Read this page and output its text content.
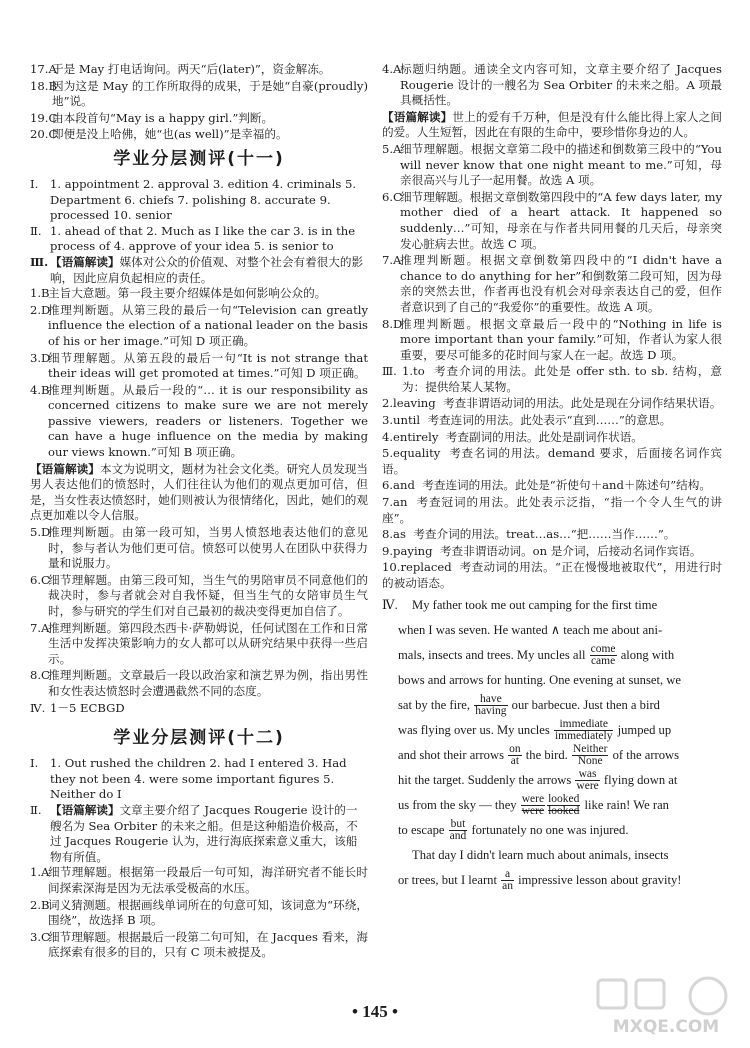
17.A
于是 May 打电话询问。两天“后(later)”，资金解冻。
18.B
因为这是 May 的工作所取得的成果，于是她“自豪(proudly)地”说。
19.C
由本段首句“May is a happy girl.”判断。
20.C
即便是没上哈佛，她“也(as well)”是幸福的。
学业分层测评(十一)
Ⅰ.	1. appointment 2. approval 3. edition 4. criminals 5. Department 6. chiefs 7. polishing 8. accurate 9. processed 10. senior
Ⅱ. 1. ahead of that 2. Much as I like the car 3. is in the process of 4. approve of your idea 5. is senior to
Ⅲ. 【语篇解读】媒体对公众的价值观、对整个社会有着很大的影响，因此应肩负起相应的责任。
1.B
主旨大意题。第一段主要介绍媒体是如何影响公众的。
2.D
推理判断题。从第三段的最后一句“Television can greatly influence the election of a national leader on the basis of his or her image.”可知 D 项正确。
3.D
细节理解题。从第五段的最后一句“It is not strange that their ideas will get promoted at times.”可知 D 项正确。
4.B
推理判断题。从最后一段的“… it is our responsibility as concerned citizens to make sure we are not merely passive viewers, readers or listeners. Together we can have a huge influence on the media by making our views known.”可知 B 项正确。
【语篇解读】本文为说明文，题材为社会文化类。研究人员发现当男人表达他们的愤怒时，人们往往认为他们的观点更加可信，但是，当女性表达愤怒时，她们则被认为很情绪化，因此，她们的观点更加难以令人信服。
5.D
推理判断题。由第一段可知，当男人愤怒地表达他们的意见时，参与者认为他们更可信。愤怒可以使男人在团队中获得力量和说服力。
6.C
细节理解题。由第三段可知，当生气的男陪审员不同意他们的裁决时，参与者就会对自我怀疑，但当生气的女陪审员生气时，参与研究的学生们对自己最初的裁决变得更加自信了。
7.A
推理判断题。第四段杰西卡·萨勒姆说，任何试图在工作和日常生活中发挥决策影响力的女人都可以从研究结果中获得一些启示。
8.C
推理判断题。文章最后一段以政治家和演艺界为例，指出男性和女性表达愤怒时会遭遇截然不同的态度。
Ⅳ. 1－5 ECBGD
学业分层测评(十二)
Ⅰ.	1. Out rushed the children 2. had I entered 3. Had they not been 4. were some important figures 5. Neither do I
Ⅱ. 【语篇解读】文章主要介绍了 Jacques Rougerie 设计的一艘名为 Sea Orbiter 的未来之船。但是这种船造价极高，不过 Jacques Rougerie 认为，进行海底探索意义重大，该船物有所值。
1.A
细节理解题。根据第一段最后一句可知，海洋研究者不能长时间探索深海是因为无法承受极高的水压。
2.B
词义猜测题。根据画线单词所在的句意可知，该词意为“环绕，围绕”，故选择 B 项。
3.C
细节理解题。根据最后一段第二句可知，在 Jacques 看来，海底探索有很多的目的，只有 C 项未被提及。
4.A
标题归纳题。通读全文内容可知，文章主要介绍了 Jacques Rougerie 设计的一艘名为 Sea Orbiter 的未来之船。A 项最具概括性。
【语篇解读】世上的爱有千万种，但是没有什么能比得上家人之间的爱。人生短暂，因此在有限的生命中，要珍惜你身边的人。
5.A
细节理解题。根据文章第二段中的描述和倒数第三段中的“You will never know that one night meant to me.”可知，母亲很高兴与儿子一起用餐。故选 A 项。
6.C
细节理解题。根据文章倒数第四段中的“A few days later, my mother died of a heart attack. It happened so suddenly…”可知，母亲在与作者共同用餐的几天后，母亲突发心脏病去世。故选 C 项。
7.A
推理判断题。根据文章倒数第四段中的“I didn't have a chance to do anything for her”和倒数第二段可知，因为母亲的突然去世，作者再也没有机会对母亲表达自己的爱，但作者意识到了自己的“我爱你”的重要性。故选 A 项。
8.D
推理判断题。根据文章最后一段中的“Nothing in life is more important than your family.”可知，作者认为家人很重要，要尽可能多的花时间与家人在一起。故选 D 项。
Ⅲ. 1.to 考查介词的用法。此处是 offer sth. to sb. 结构，意为：提供给某人某物。
2.leaving 考查非谓语动词的用法。此处是现在分词作结果状语。
3.until 考查连词的用法。此处表示“直到……”的意思。
4.entirely 考查副词的用法。此处是副词作状语。
5.equality 考查名词的用法。demand 要求，后面接名词作宾语。
6.and 考查连词的用法。此处是“祈使句＋and＋陈述句”结构。
7.an 考查冠词的用法。此处表示泛指，“指一个令人生气的讲座”。
8.as 考查介词的用法。treat…as…“把……当作……”。
9.paying 考查非谓语动词。on 是介词，后接动名词作宾语。
10.replaced 考查动词的用法。“正在慢慢地被取代”，用进行时的被动语态。
Ⅳ.	My father took me out camping for the first time
when I was seven. He wanted ∧ teach me about ani-
mals, insects and trees. My uncles all come
came along with
bows and arrows for hunting. One evening at sunset, we
sat by the fire, have
having our barbecue. Just then a bird
was flying over us. My uncles immediate
immediately jumped up
and shot their arrows $\frac{on}{at}$ the bird. Neither
None of the arrows
hit the target. Suddenly the arrows was
were flying down at
us from the sky — they were
were
looked
looked like rain! We ran
to escape but
and fortunately no one was injured.
That day I didn't learn much about animals, insects
or trees, but I learnt $\frac{a}{an}$ impressive lesson about gravity!
• 145 •
MXQE.COM
